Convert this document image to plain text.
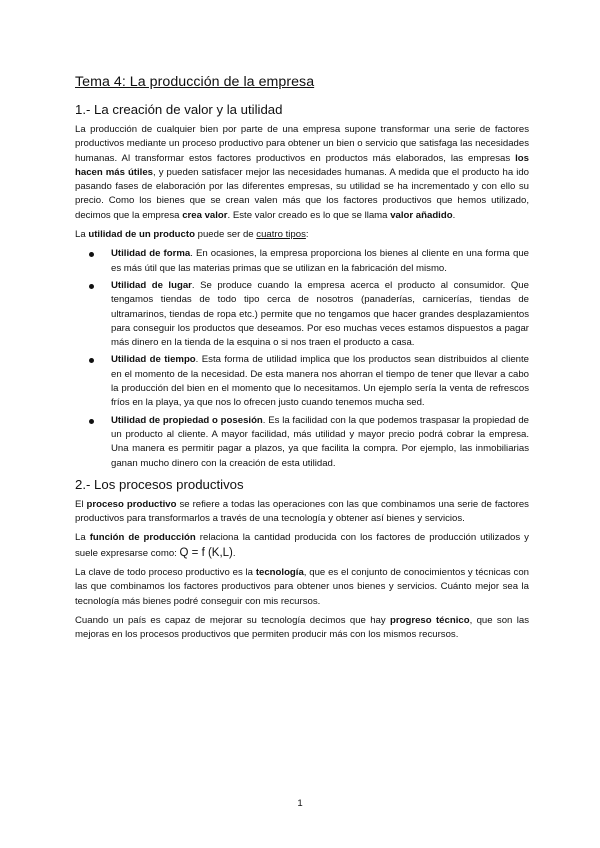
Tema 4: La producción de la empresa
1.- La creación de valor y la utilidad

La producción de cualquier bien por parte de una empresa supone transformar una serie de factores productivos mediante un proceso productivo para obtener un bien o servicio que satisfaga las necesidades humanas. Al transformar estos factores productivos en productos más elaborados, las empresas los hacen más útiles, y pueden satisfacer mejor las necesidades humanas. A medida que el producto ha ido pasando fases de elaboración por las diferentes empresas, su utilidad se ha incrementado y con ello su precio. Como los bienes que se crean valen más que los factores productivos que hemos utilizado, decimos que la empresa crea valor. Este valor creado es lo que se llama valor añadido.

La utilidad de un producto puede ser de cuatro tipos:

Utilidad de forma. En ocasiones, la empresa proporciona los bienes al cliente en una forma que es más útil que las materias primas que se utilizan en la fabricación del mismo.
Utilidad de lugar. Se produce cuando la empresa acerca el producto al consumidor. Que tengamos tiendas de todo tipo cerca de nosotros (panaderías, carnicerías, tiendas de ultramarinos, tiendas de ropa etc.) permite que no tengamos que hacer grandes desplazamientos para conseguir los productos que deseamos. Por eso muchas veces estamos dispuestos a pagar más dinero en la tienda de la esquina o si nos traen el producto a casa.
Utilidad de tiempo. Esta forma de utilidad implica que los productos sean distribuidos al cliente en el momento de la necesidad. De esta manera nos ahorran el tiempo de tener que llevar a cabo la producción del bien en el momento que lo necesitamos. Un ejemplo sería la venta de refrescos fríos en la playa, ya que nos lo ofrecen justo cuando tenemos mucha sed.
Utilidad de propiedad o posesión. Es la facilidad con la que podemos traspasar la propiedad de un producto al cliente. A mayor facilidad, más utilidad y mayor precio podrá cobrar la empresa. Una manera es permitir pagar a plazos, ya que facilita la compra. Por ejemplo, las inmobiliarias ganan mucho dinero con la creación de esta utilidad.
2.- Los procesos productivos

El proceso productivo se refiere a todas las operaciones con las que combinamos una serie de factores productivos para transformarlos a través de una tecnología y obtener así bienes y servicios.

La función de producción relaciona la cantidad producida con los factores de producción utilizados y suele expresarse como: Q = f (K,L).

La clave de todo proceso productivo es la tecnología, que es el conjunto de conocimientos y técnicas con las que combinamos los factores productivos para obtener unos bienes y servicios. Cuánto mejor sea la tecnología más bienes podré conseguir con mis recursos.

Cuando un país es capaz de mejorar su tecnología decimos que hay progreso técnico, que son las mejoras en los procesos productivos que permiten producir más con los mismos recursos.

1
